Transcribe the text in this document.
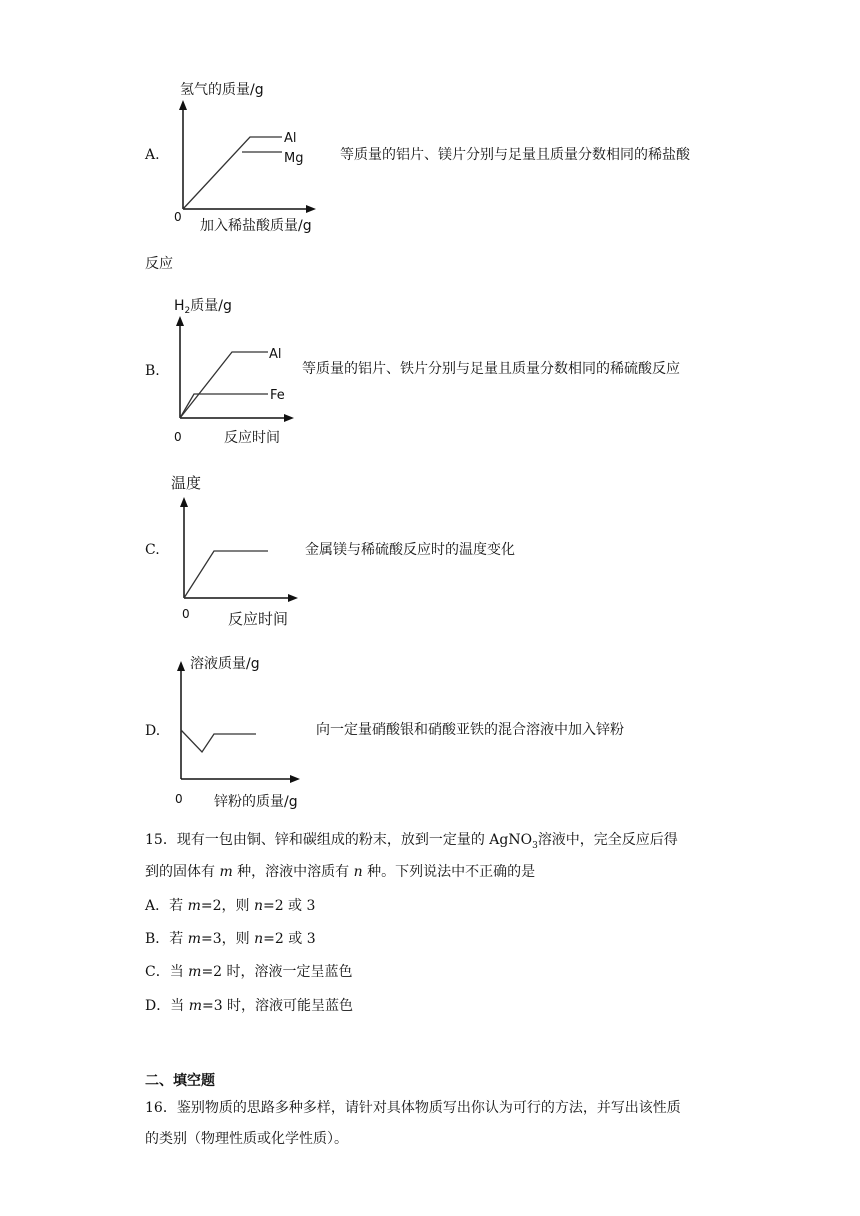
A.
氢气的质量/g
Al
Mg
0
加入稀盐酸质量/g
等质量的铝片、镁片分别与足量且质量分数相同的稀盐酸
反应
B.
$H_2$质量/g
Al
Fe
0	反应时间
等质量的铝片、铁片分别与足量且质量分数相同的稀硫酸反应
C.
温度
0	反应时间
金属镁与稀硫酸反应时的温度变化
D.
溶液质量/g
0 锌粉的质量/g
向一定量硝酸银和硝酸亚铁的混合溶液中加入锌粉
15．现有一包由铜、锌和碳组成的粉末，放到一定量的 AgNO$_3$溶液中，完全反应后得
到的固体有 m 种，溶液中溶质有 n 种。下列说法中不正确的是
A．若 m=2，则 n=2 或 3
B．若 m=3，则 n=2 或 3
C．当 m=2 时，溶液一定呈蓝色
D．当 m=3 时，溶液可能呈蓝色
二、填空题
16．鉴别物质的思路多种多样，请针对具体物质写出你认为可行的方法，并写出该性质
的类别（物理性质或化学性质）。
